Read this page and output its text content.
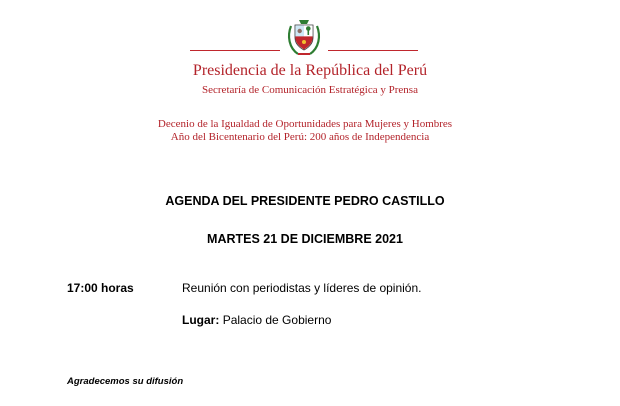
Presidencia de la República del Perú
Secretaría de Comunicación Estratégica y Prensa
Decenio de la Igualdad de Oportunidades para Mujeres y Hombres
Año del Bicentenario del Perú: 200 años de Independencia
AGENDA DEL PRESIDENTE PEDRO CASTILLO
MARTES 21 DE DICIEMBRE 2021
17:00 horas	Reunión con periodistas y líderes de opinión.
Lugar: Palacio de Gobierno
Agradecemos su difusión
